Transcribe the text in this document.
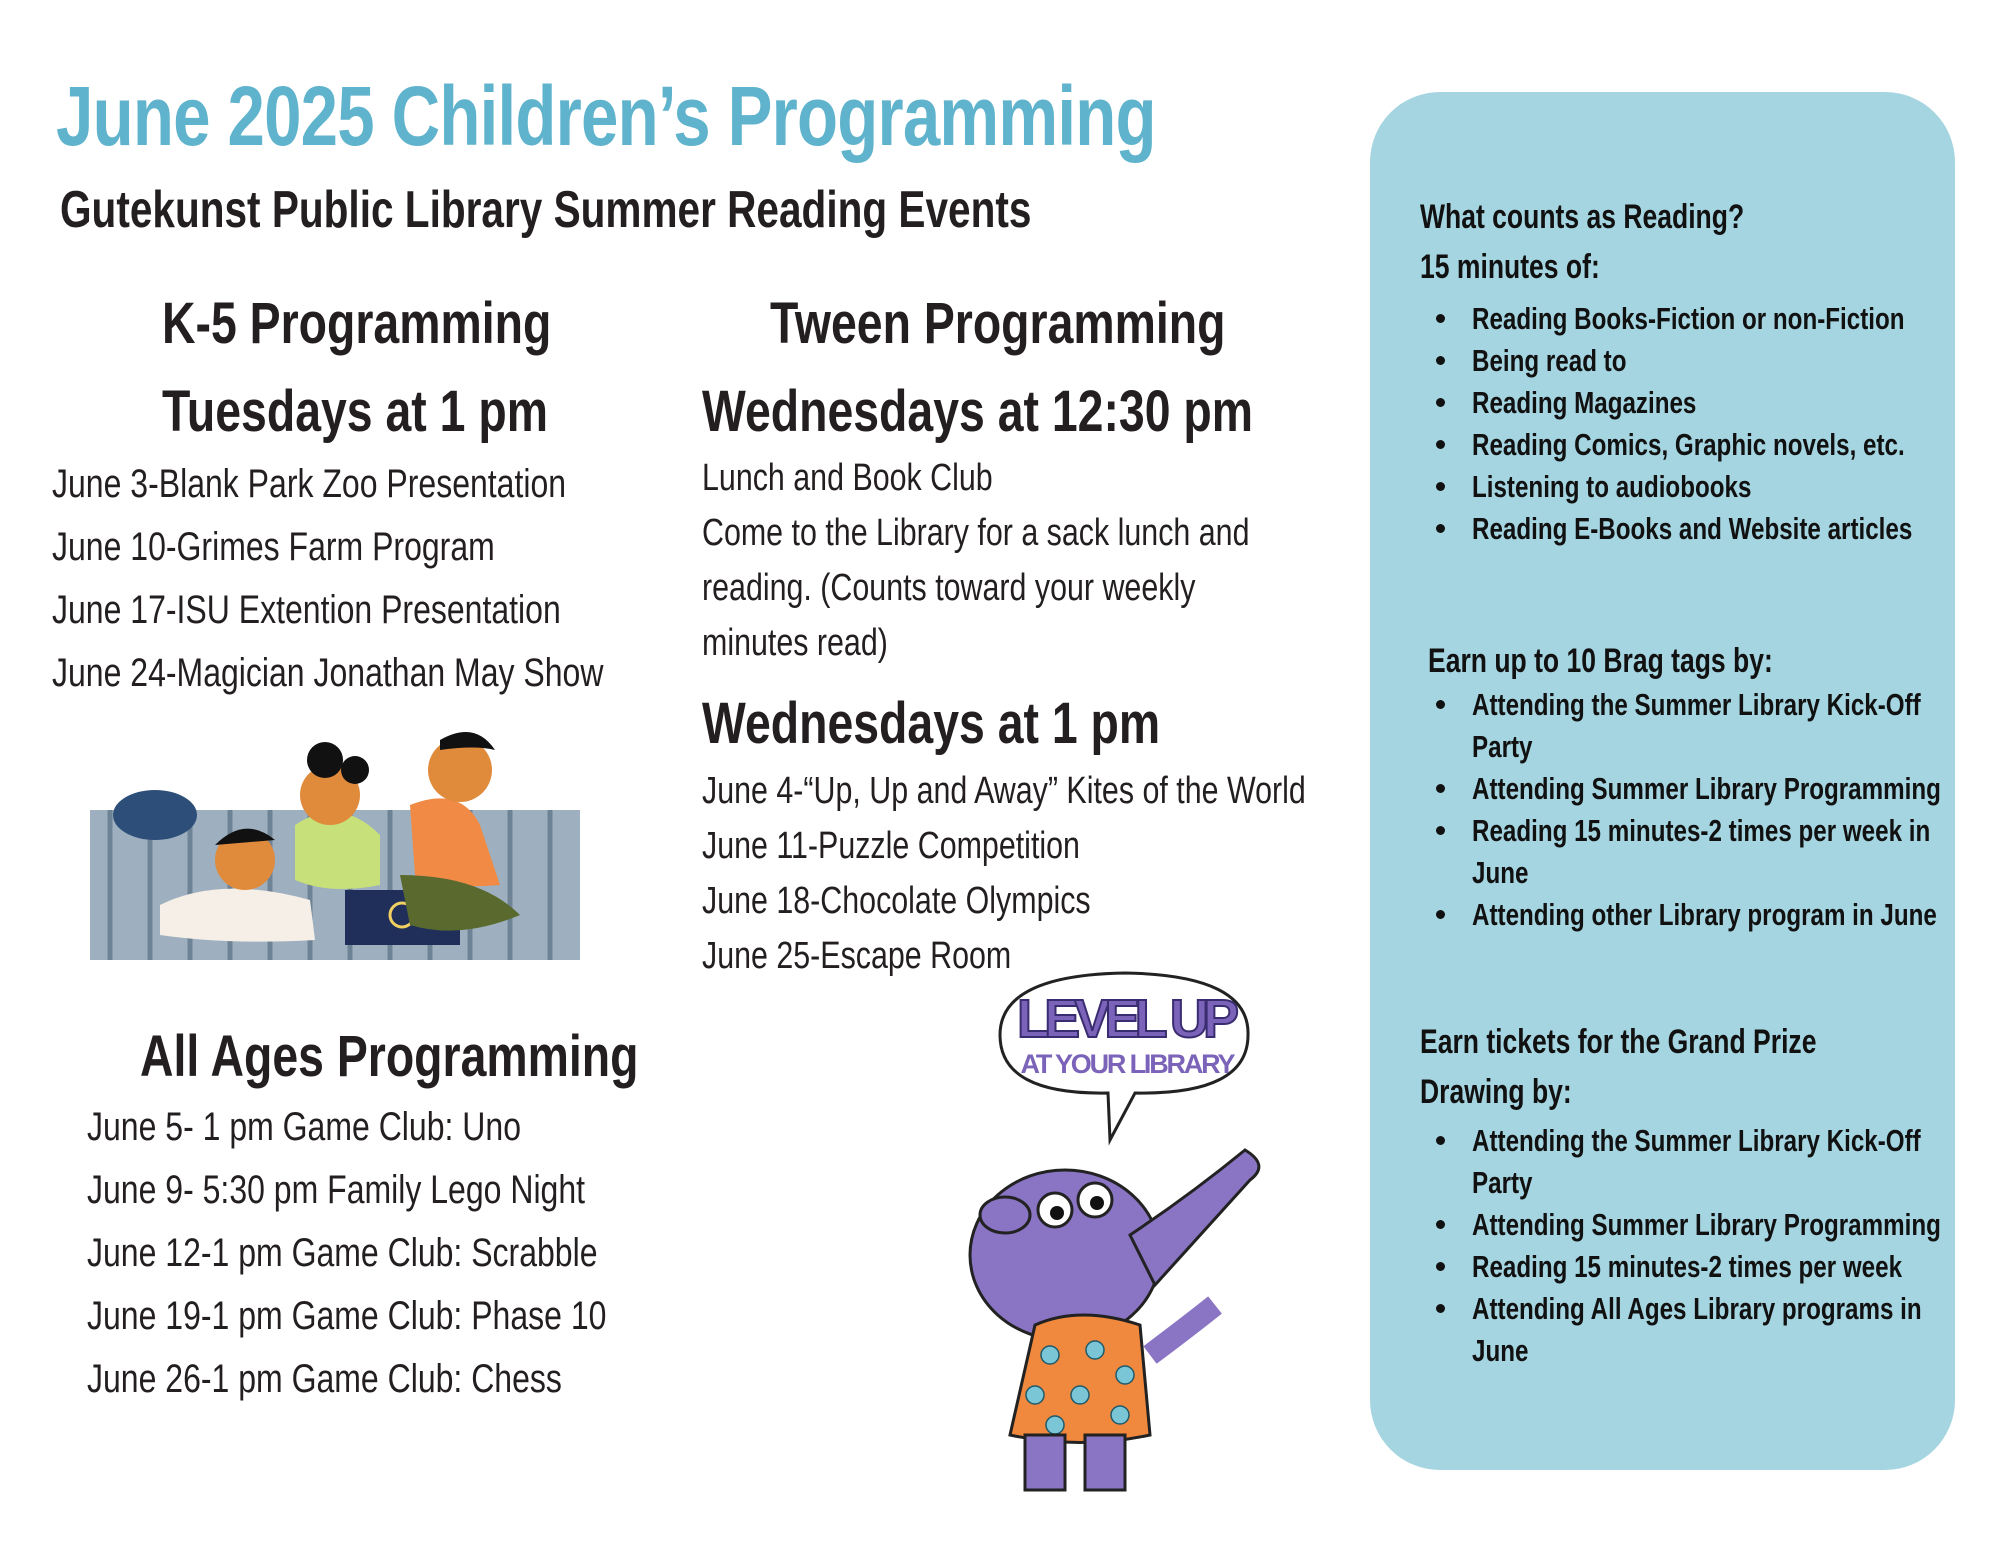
June 2025 Children’s Programming
Gutekunst Public Library Summer Reading Events
K-5 Programming
Tuesdays at 1 pm
June 3-Blank Park Zoo Presentation
June 10-Grimes Farm Program
June 17-ISU Extention Presentation
June 24-Magician Jonathan May Show
Tween Programming
Wednesdays at 12:30 pm
Lunch and Book Club
Come to the Library for a sack lunch and
reading. (Counts toward your weekly
minutes read)
Wednesdays at 1 pm
June 4-“Up, Up and Away” Kites of the World
June 11-Puzzle Competition
June 18-Chocolate Olympics
June 25-Escape Room
All Ages Programming
June 5- 1 pm Game Club: Uno
June 9- 5:30 pm Family Lego Night
June 12-1 pm Game Club: Scrabble
June 19-1 pm Game Club: Phase 10
June 26-1 pm Game Club: Chess
LEVEL UP
AT YOUR LIBRARY
What counts as Reading?
15 minutes of:
Reading Books-Fiction or non-Fiction
Being read to
Reading Magazines
Reading Comics, Graphic novels, etc.
Listening to audiobooks
Reading E-Books and Website articles
Earn up to 10 Brag tags by:
Attending the Summer Library Kick-Off
Party
Attending Summer Library Programming
Reading 15 minutes-2 times per week in
June
Attending other Library program in June
Earn tickets for the Grand Prize
Drawing by:
Attending the Summer Library Kick-Off
Party
Attending Summer Library Programming
Reading 15 minutes-2 times per week
Attending All Ages Library programs in
June
